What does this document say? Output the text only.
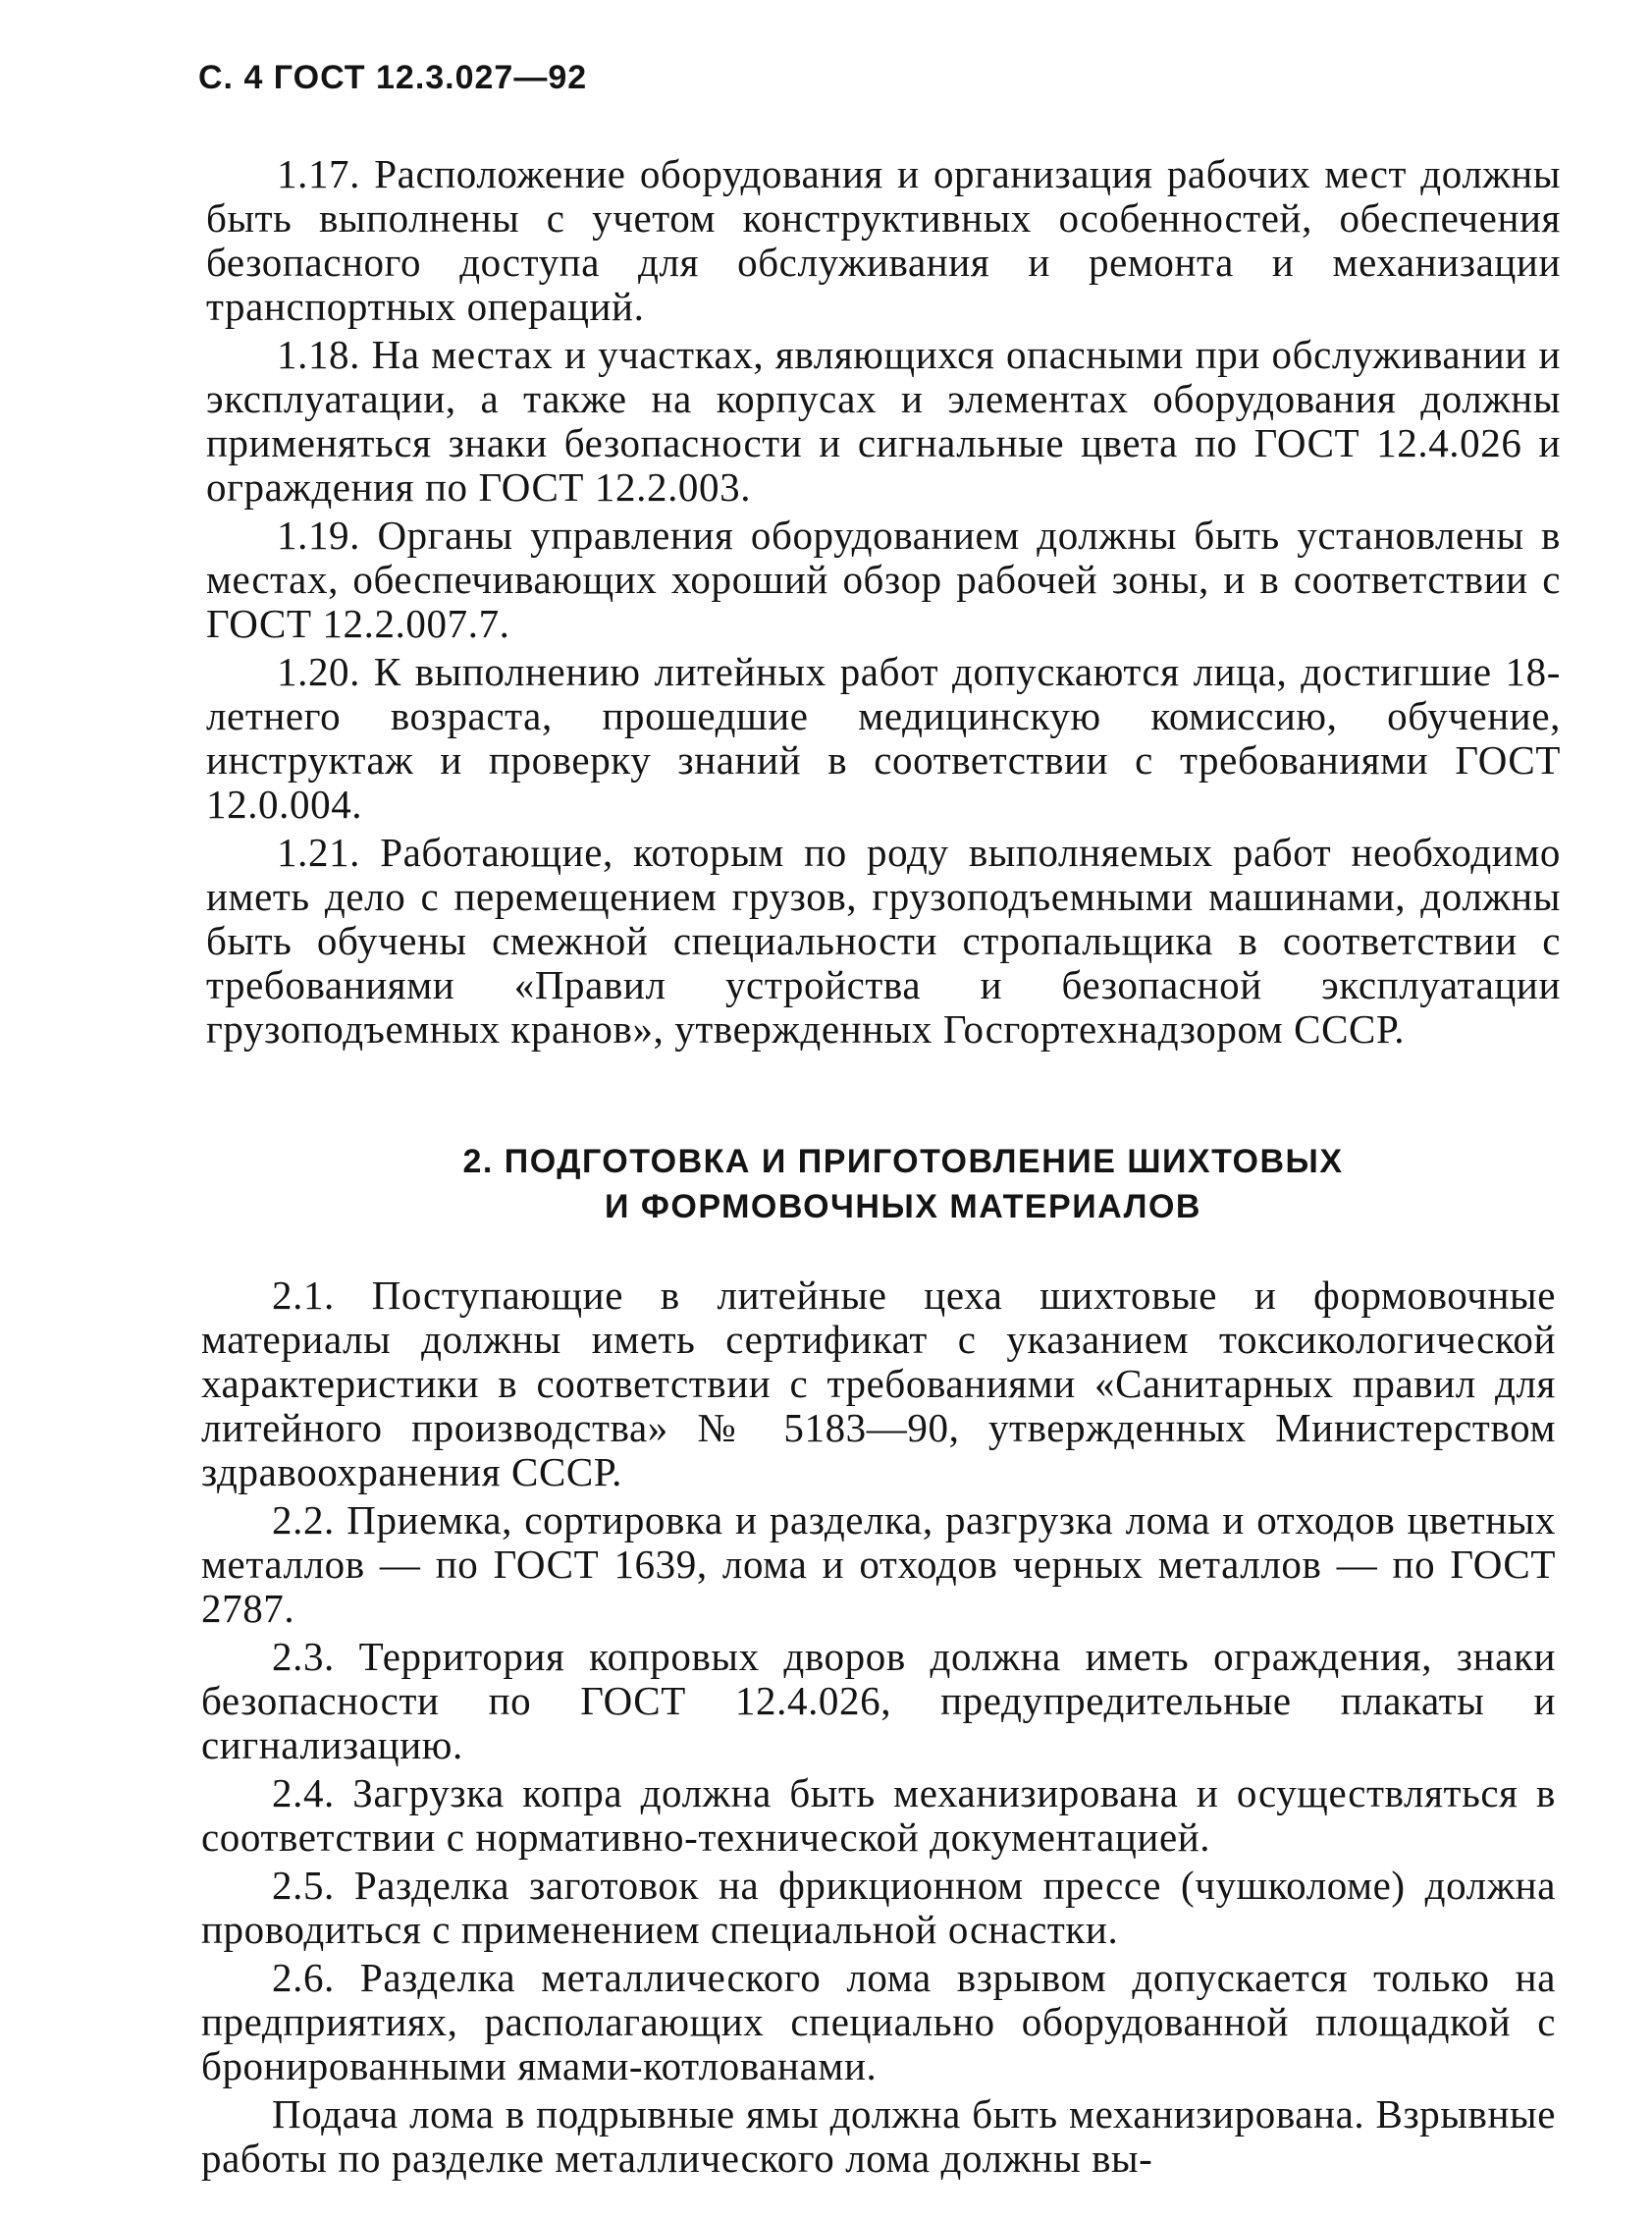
С. 4 ГОСТ 12.3.027—92

1.17. Расположение оборудования и организация рабочих мест должны быть выполнены с учетом конструктивных особенностей, обеспечения безопасного доступа для обслуживания и ремонта и механизации транспортных операций.

1.18. На местах и участках, являющихся опасными при обслуживании и эксплуатации, а также на корпусах и элементах оборудования должны применяться знаки безопасности и сигнальные цвета по ГОСТ 12.4.026 и ограждения по ГОСТ 12.2.003.

1.19. Органы управления оборудованием должны быть установлены в местах, обеспечивающих хороший обзор рабочей зоны, и в соответствии с ГОСТ 12.2.007.7.

1.20. К выполнению литейных работ допускаются лица, достигшие 18-летнего возраста, прошедшие медицинскую комиссию, обучение, инструктаж и проверку знаний в соответствии с требованиями ГОСТ 12.0.004.

1.21. Работающие, которым по роду выполняемых работ необходимо иметь дело с перемещением грузов, грузоподъемными машинами, должны быть обучены смежной специальности стропальщика в соответствии с требованиями «Правил устройства и безопасной эксплуатации грузоподъемных кранов», утвержденных Госгортехнадзором СССР.

2. ПОДГОТОВКА И ПРИГОТОВЛЕНИЕ ШИХТОВЫХ
И ФОРМОВОЧНЫХ МАТЕРИАЛОВ

2.1. Поступающие в литейные цеха шихтовые и формовочные материалы должны иметь сертификат с указанием токсикологической характеристики в соответствии с требованиями «Санитарных правил для литейного производства» № 5183—90, утвержденных Министерством здравоохранения СССР.

2.2. Приемка, сортировка и разделка, разгрузка лома и отходов цветных металлов — по ГОСТ 1639, лома и отходов черных металлов — по ГОСТ 2787.

2.3. Территория копровых дворов должна иметь ограждения, знаки безопасности по ГОСТ 12.4.026, предупредительные плакаты и сигнализацию.

2.4. Загрузка копра должна быть механизирована и осуществляться в соответствии с нормативно-технической документацией.

2.5. Разделка заготовок на фрикционном прессе (чушколоме) должна проводиться с применением специальной оснастки.

2.6. Разделка металлического лома взрывом допускается только на предприятиях, располагающих специально оборудованной площадкой с бронированными ямами-котлованами.

Подача лома в подрывные ямы должна быть механизирована. Взрывные работы по разделке металлического лома должны вы-
